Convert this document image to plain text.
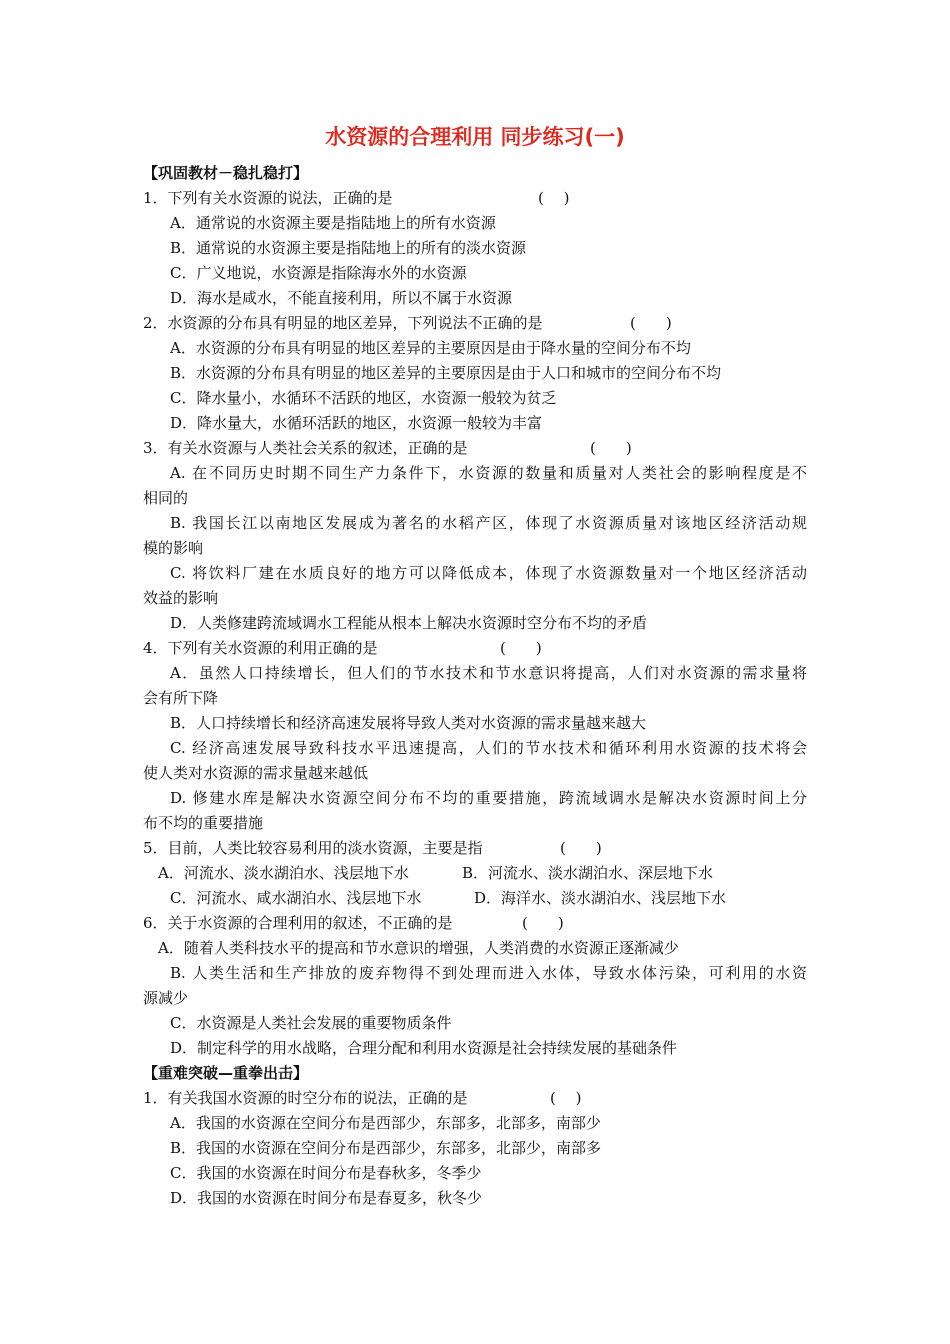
水资源的合理利用 同步练习(一)
【巩固教材－稳扎稳打】
1．下列有关水资源的说法，正确的是	(　 )
A．通常说的水资源主要是指陆地上的所有水资源
B．通常说的水资源主要是指陆地上的所有的淡水资源
C．广义地说，水资源是指除海水外的水资源
D．海水是咸水，不能直接利用，所以不属于水资源
2．水资源的分布具有明显的地区差异，下列说法不正确的是	(　　)
A．水资源的分布具有明显的地区差异的主要原因是由于降水量的空间分布不均
B．水资源的分布具有明显的地区差异的主要原因是由于人口和城市的空间分布不均
C．降水量小，水循环不活跃的地区，水资源一般较为贫乏
D．降水量大，水循环活跃的地区，水资源一般较为丰富
3．有关水资源与人类社会关系的叙述，正确的是	(　　)
A. 在不同历史时期不同生产力条件下，水资源的数量和质量对人类社会的影响程度是不
相同的
B. 我国长江以南地区发展成为著名的水稻产区，体现了水资源质量对该地区经济活动规
模的影响
C. 将饮料厂建在水质良好的地方可以降低成本，体现了水资源数量对一个地区经济活动
效益的影响
D．人类修建跨流域调水工程能从根本上解决水资源时空分布不均的矛盾
4．下列有关水资源的利用正确的是	(　　)
A．虽然人口持续增长，但人们的节水技术和节水意识将提高，人们对水资源的需求量将
会有所下降
B．人口持续增长和经济高速发展将导致人类对水资源的需求量越来越大
C. 经济高速发展导致科技水平迅速提高，人们的节水技术和循环利用水资源的技术将会
使人类对水资源的需求量越来越低
D. 修建水库是解决水资源空间分布不均的重要措施，跨流域调水是解决水资源时间上分
布不均的重要措施
5．目前，人类比较容易利用的淡水资源，主要是指	(　　)
A．河流水、淡水湖泊水、浅层地下水	B．河流水、淡水湖泊水、深层地下水
C．河流水、咸水湖泊水、浅层地下水	D．海洋水、淡水湖泊水、浅层地下水
6．关于水资源的合理利用的叙述，不正确的是	(　　)
A．随着人类科技水平的提高和节水意识的增强，人类消费的水资源正逐渐减少
B. 人类生活和生产排放的废弃物得不到处理而进入水体，导致水体污染，可利用的水资
源减少
C．水资源是人类社会发展的重要物质条件
D．制定科学的用水战略，合理分配和利用水资源是社会持续发展的基础条件
【重难突破—重拳出击】
1．有关我国水资源的时空分布的说法，正确的是	(　 )
A．我国的水资源在空间分布是西部少，东部多，北部多，南部少
B．我国的水资源在空间分布是西部少，东部多，北部少，南部多
C．我国的水资源在时间分布是春秋多，冬季少
D．我国的水资源在时间分布是春夏多，秋冬少
